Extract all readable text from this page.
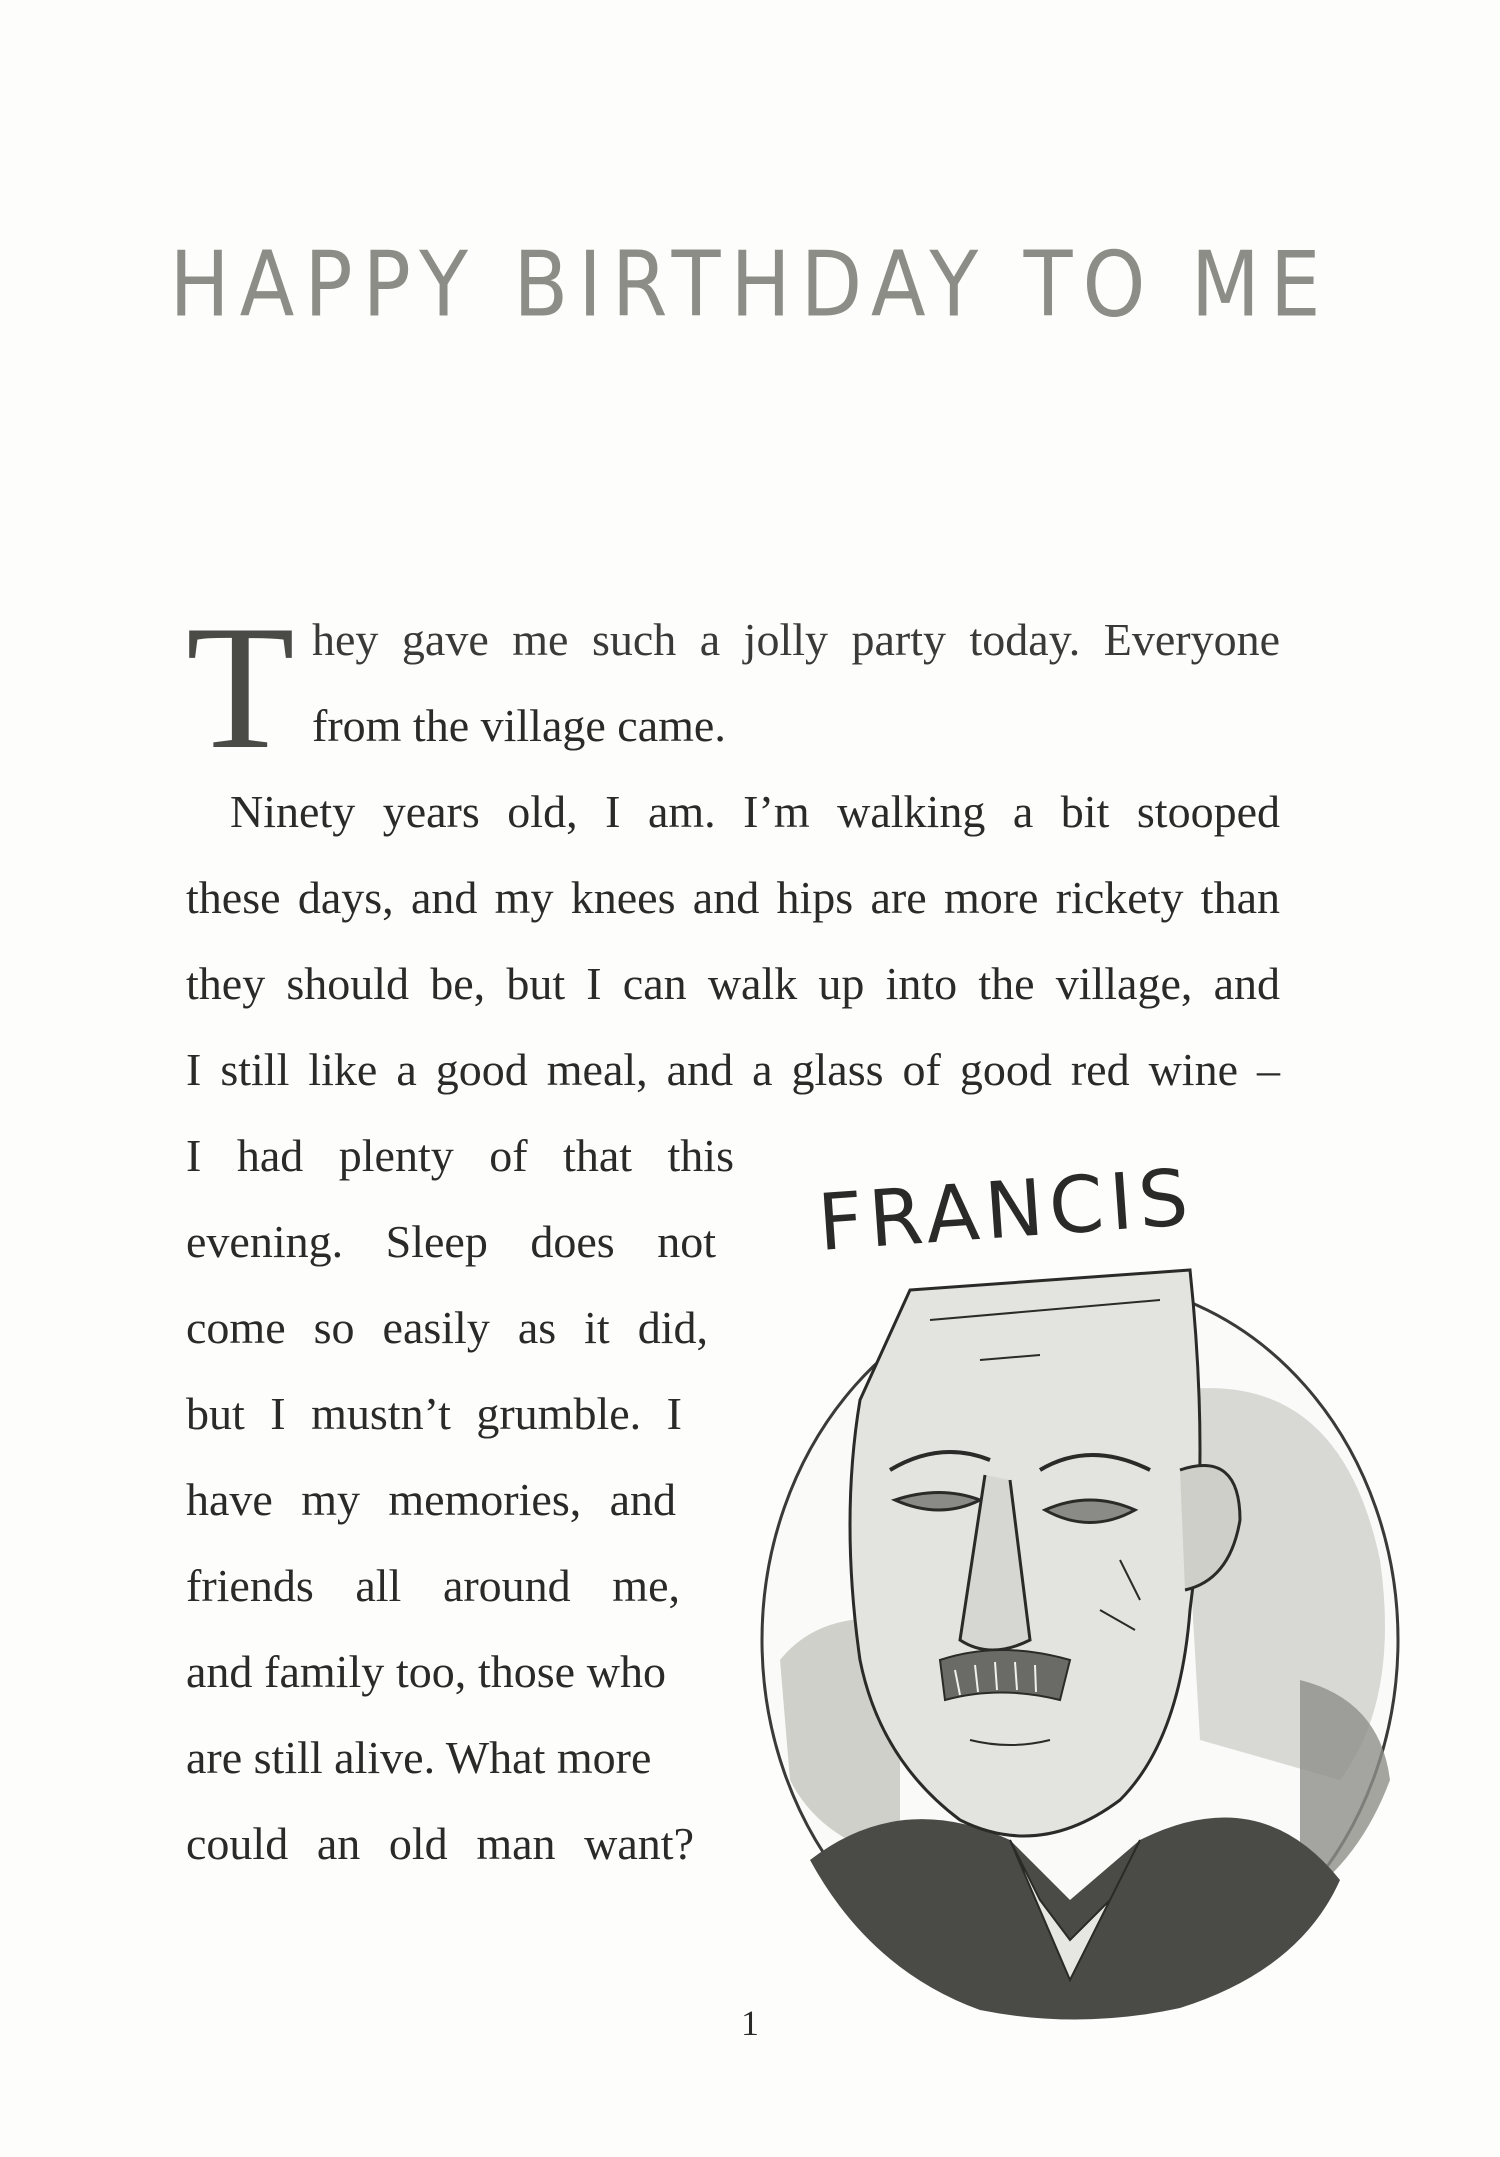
HAPPY BIRTHDAY TO ME
T hey gave me such a jolly party today. Everyone
from the village came.
Ninety years old, I am. I’m walking a bit stooped
these days, and my knees and hips are more rickety than
they should be, but I can walk up into the village, and
I still like a good meal, and a glass of good red wine –
I had plenty of that this
evening. Sleep does not
come so easily as it did,
but I mustn’t grumble. I
have my memories, and
friends all around me,
and family too, those who
are still alive. What more
could an old man want?
FRANCIS
1
